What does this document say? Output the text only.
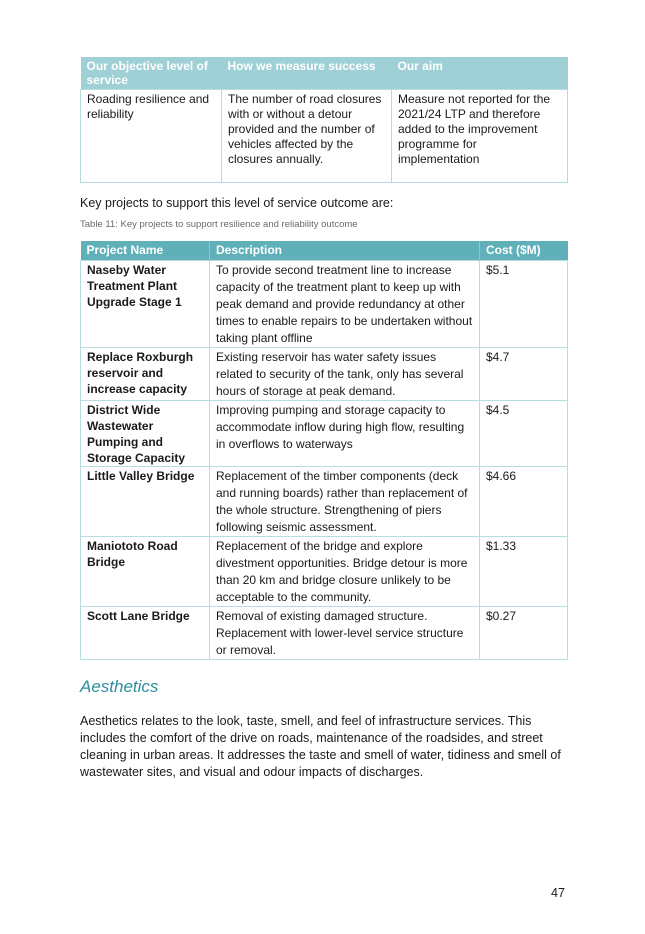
Our objective level of service	How we measure success	Our aim
Roading resilience and reliability	The number of road closures with or without a detour provided and the number of vehicles affected by the closures annually.	Measure not reported for the 2021/24 LTP and therefore added to the improvement programme for implementation
Key projects to support this level of service outcome are:
Table 11: Key projects to support resilience and reliability outcome
Project Name	Description	Cost ($M)
Naseby Water Treatment Plant Upgrade Stage 1	To provide second treatment line to increase capacity of the treatment plant to keep up with peak demand and provide redundancy at other times to enable repairs to be undertaken without taking plant offline	$5.1
Replace Roxburgh reservoir and increase capacity	Existing reservoir has water safety issues related to security of the tank, only has several hours of storage at peak demand.	$4.7
District Wide Wastewater Pumping and Storage Capacity	Improving pumping and storage capacity to accommodate inflow during high flow, resulting in overflows to waterways	$4.5
Little Valley Bridge	Replacement of the timber components (deck and running boards) rather than replacement of the whole structure. Strengthening of piers following seismic assessment.	$4.66
Maniototo Road Bridge	Replacement of the bridge and explore divestment opportunities. Bridge detour is more than 20 km and bridge closure unlikely to be acceptable to the community.	$1.33
Scott Lane Bridge	Removal of existing damaged structure. Replacement with lower-level service structure or removal.	$0.27
Aesthetics
Aesthetics relates to the look, taste, smell, and feel of infrastructure services. This includes the comfort of the drive on roads, maintenance of the roadsides, and street cleaning in urban areas. It addresses the taste and smell of water, tidiness and smell of wastewater sites, and visual and odour impacts of discharges.
47
